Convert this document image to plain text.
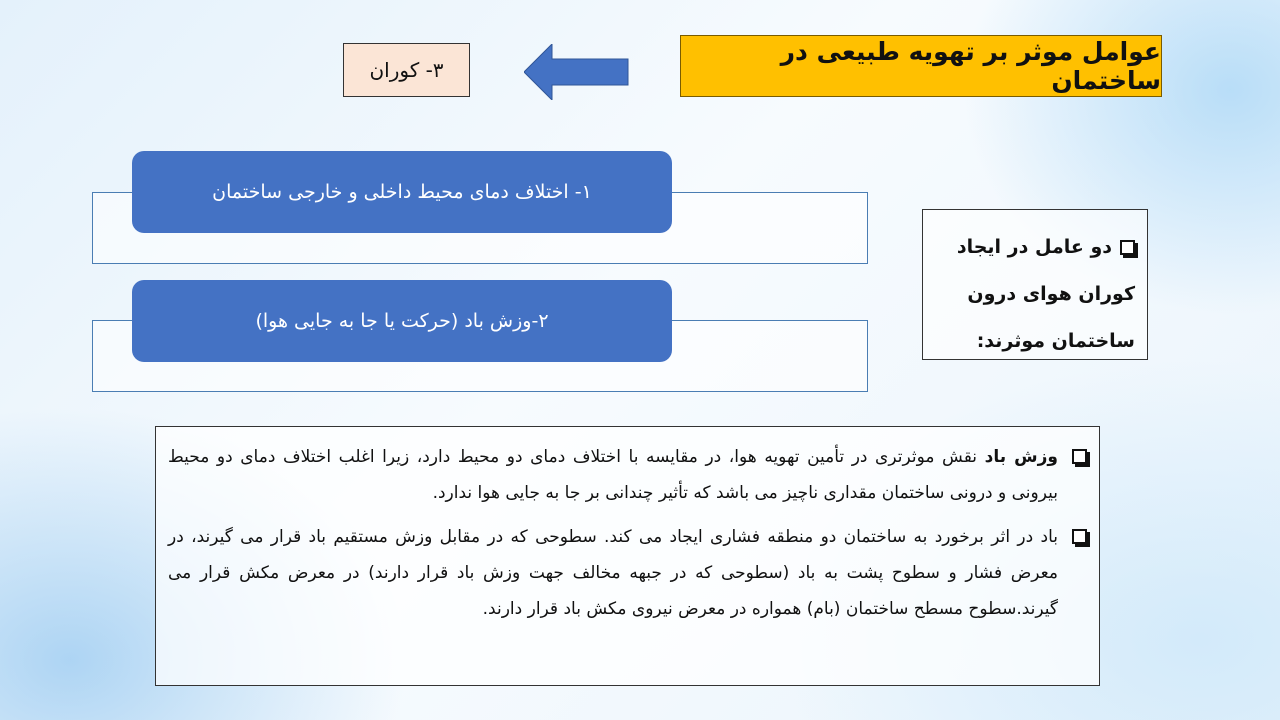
عوامل موثر بر تهویه طبیعی در ساختمان
۳- کوران
۱- اختلاف دمای محیط داخلی و خارجی ساختمان
۲-وزش باد (حرکت یا جا به جایی هوا)
دو عامل در ایجاد کوران هوای درون ساختمان موثرند:
وزش باد نقش موثرتری در تأمین تهویه هوا، در مقایسه با اختلاف دمای دو محیط دارد، زیرا اغلب اختلاف دمای دو محیط بیرونی و درونی ساختمان مقداری ناچیز می باشد که تأثیر چندانی بر جا به جایی هوا ندارد.
باد در اثر برخورد به ساختمان دو منطقه فشاری ایجاد می کند. سطوحی که در مقابل وزش مستقیم باد قرار می گیرند، در معرض فشار و سطوح پشت به باد (سطوحی که در جبهه مخالف جهت وزش باد قرار دارند) در معرض مکش قرار می گیرند.سطوح مسطح ساختمان (بام) همواره در معرض نیروی مکش باد قرار دارند.
